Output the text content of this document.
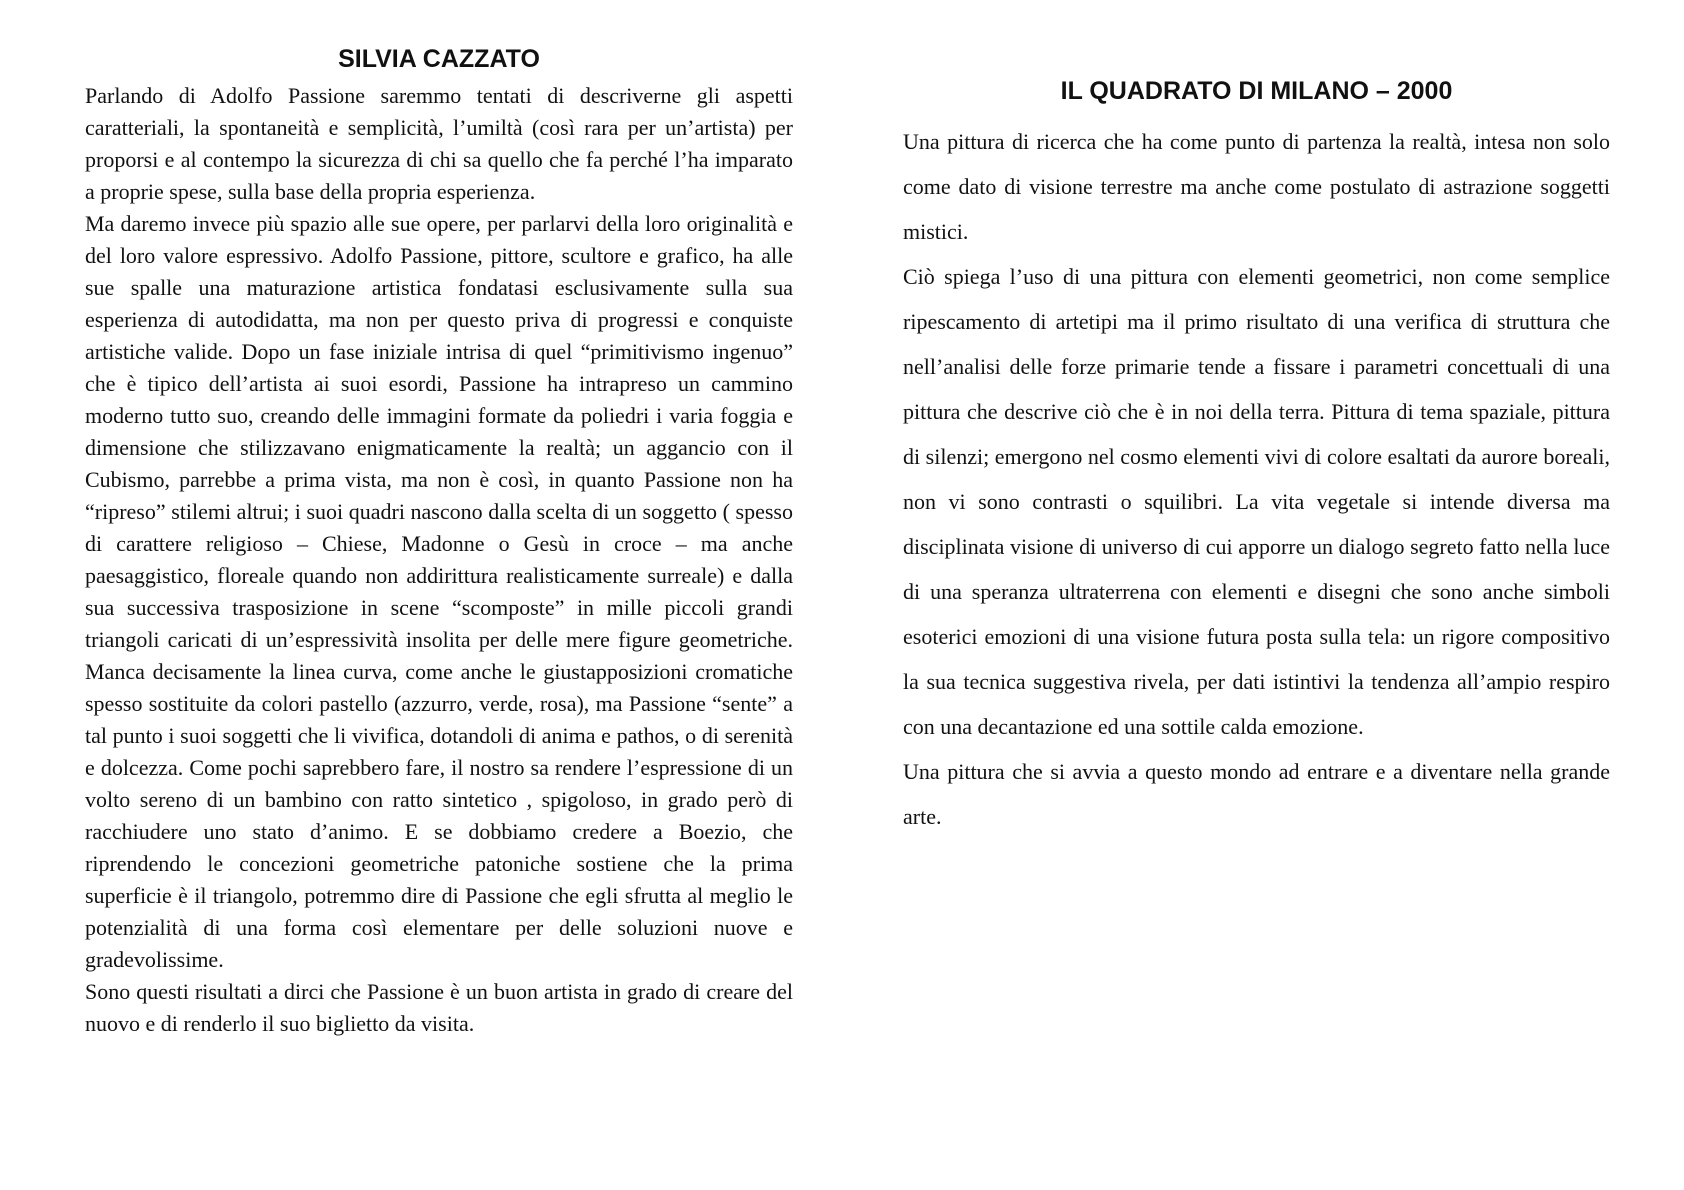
SILVIA CAZZATO

Parlando di Adolfo Passione saremmo tentati di descriverne gli aspetti caratteriali, la spontaneità e semplicità, l’umiltà (così rara per un’artista) per proporsi e al contempo la sicurezza di chi sa quello che fa perché l’ha imparato a proprie spese, sulla base della propria esperienza.

Ma daremo invece più spazio alle sue opere, per parlarvi della loro originalità e del loro valore espressivo. Adolfo Passione, pittore, scultore e grafico, ha alle sue spalle una maturazione artistica fondatasi esclusivamente sulla sua esperienza di autodidatta, ma non per questo priva di progressi e conquiste artistiche valide. Dopo un fase iniziale intrisa di quel “primitivismo ingenuo” che è tipico dell’artista ai suoi esordi, Passione ha intrapreso un cammino moderno tutto suo, creando delle immagini formate da poliedri i varia foggia e dimensione che stilizzavano enigmaticamente la realtà; un aggancio con il Cubismo, parrebbe a prima vista, ma non è così, in quanto Passione non ha “ripreso” stilemi altrui; i suoi quadri nascono dalla scelta di un soggetto ( spesso di carattere religioso – Chiese, Madonne o Gesù in croce – ma anche paesaggistico, floreale quando non addirittura realisticamente surreale) e dalla sua successiva trasposizione in scene “scomposte” in mille piccoli grandi triangoli caricati di un’espressività insolita per delle mere figure geometriche. Manca decisamente la linea curva, come anche le giustapposizioni cromatiche spesso sostituite da colori pastello (azzurro, verde, rosa), ma Passione “sente” a tal punto i suoi soggetti che li vivifica, dotandoli di anima e pathos, o di serenità e dolcezza. Come pochi saprebbero fare, il nostro sa rendere l’espressione di un volto sereno di un bambino con ratto sintetico , spigoloso, in grado però di racchiudere uno stato d’animo. E se dobbiamo credere a Boezio, che riprendendo le concezioni geometriche patoniche sostiene che la prima superficie è il triangolo, potremmo dire di Passione che egli sfrutta al meglio le potenzialità di una forma così elementare per delle soluzioni nuove e gradevolissime.

Sono questi risultati a dirci che Passione è un buon artista in grado di creare del nuovo e di renderlo il suo biglietto da visita.

IL QUADRATO DI MILANO – 2000

Una pittura di ricerca che ha come punto di partenza la realtà, intesa non solo come dato di visione terrestre ma anche come postulato di astrazione soggetti mistici.

Ciò spiega l’uso di una pittura con elementi geometrici, non come semplice ripescamento di artetipi ma il primo risultato di una verifica di struttura che nell’analisi delle forze primarie tende a fissare i parametri concettuali di una pittura che descrive ciò che è in noi della terra. Pittura di tema spaziale, pittura di silenzi; emergono nel cosmo elementi vivi di colore esaltati da aurore boreali, non vi sono contrasti o squilibri. La vita vegetale si intende diversa ma disciplinata visione di universo di cui apporre un dialogo segreto fatto nella luce di una speranza ultraterrena con elementi e disegni che sono anche simboli esoterici emozioni di una visione futura posta sulla tela: un rigore compositivo la sua tecnica suggestiva rivela, per dati istintivi la tendenza all’ampio respiro con una decantazione ed una sottile calda emozione.

Una pittura che si avvia a questo mondo ad entrare e a diventare nella grande arte.
